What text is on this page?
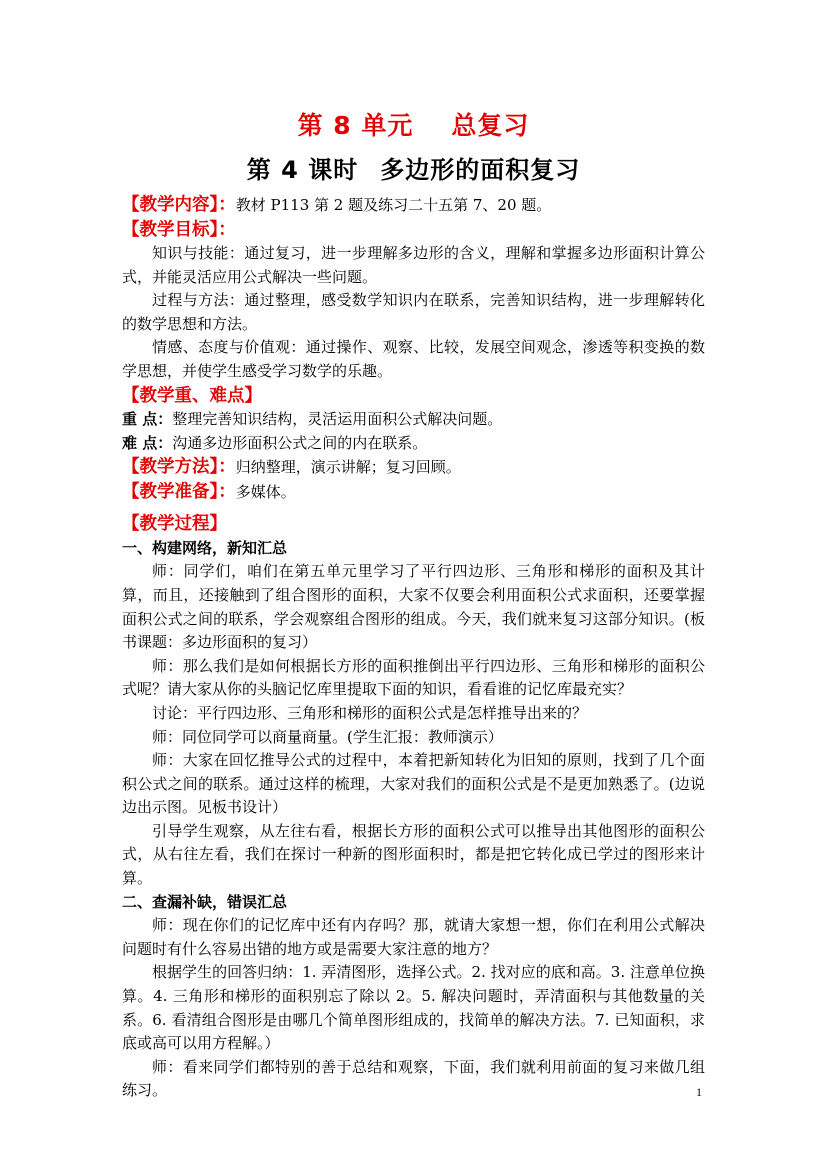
第 8 单元 总复习
第 4 课时 多边形的面积复习

【教学内容】：教材 P113 第 2 题及练习二十五第 7、20 题。

【教学目标】：

知识与技能：通过复习，进一步理解多边形的含义，理解和掌握多边形面积计算公式，并能灵活应用公式解决一些问题。

过程与方法：通过整理，感受数学知识内在联系，完善知识结构，进一步理解转化的数学思想和方法。

情感、态度与价值观：通过操作、观察、比较，发展空间观念，渗透等积变换的数学思想，并使学生感受学习数学的乐趣。

【教学重、难点】

重 点：整理完善知识结构，灵活运用面积公式解决问题。

难 点：沟通多边形面积公式之间的内在联系。

【教学方法】：归纳整理，演示讲解；复习回顾。

【教学准备】：多媒体。

【教学过程】

一、构建网络，新知汇总

师：同学们，咱们在第五单元里学习了平行四边形、三角形和梯形的面积及其计算，而且，还接触到了组合图形的面积，大家不仅要会利用面积公式求面积，还要掌握面积公式之间的联系，学会观察组合图形的组成。今天，我们就来复习这部分知识。(板书课题：多边形面积的复习）

师：那么我们是如何根据长方形的面积推倒出平行四边形、三角形和梯形的面积公式呢？请大家从你的头脑记忆库里提取下面的知识，看看谁的记忆库最充实？

讨论：平行四边形、三角形和梯形的面积公式是怎样推导出来的？

师：同位同学可以商量商量。(学生汇报：教师演示）

师：大家在回忆推导公式的过程中，本着把新知转化为旧知的原则，找到了几个面积公式之间的联系。通过这样的梳理，大家对我们的面积公式是不是更加熟悉了。(边说边出示图。见板书设计）

引导学生观察，从左往右看，根据长方形的面积公式可以推导出其他图形的面积公式，从右往左看，我们在探讨一种新的图形面积时，都是把它转化成已学过的图形来计算。

二、查漏补缺，错误汇总

师：现在你们的记忆库中还有内存吗？那，就请大家想一想，你们在利用公式解决问题时有什么容易出错的地方或是需要大家注意的地方？

根据学生的回答归纳：1. 弄清图形，选择公式。2. 找对应的底和高。3. 注意单位换算。4. 三角形和梯形的面积别忘了除以 2。5. 解决问题时，弄清面积与其他数量的关系。6. 看清组合图形是由哪几个简单图形组成的，找简单的解决方法。7. 已知面积，求底或高可以用方程解。）

师：看来同学们都特别的善于总结和观察，下面，我们就利用前面的复习来做几组练习。	1
